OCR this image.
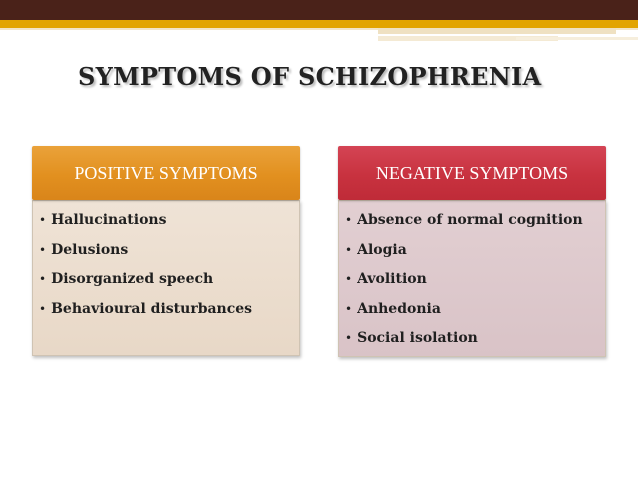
SYMPTOMS OF SCHIZOPHRENIA
POSITIVE SYMPTOMS
• Hallucinations
• Delusions
• Disorganized speech
• Behavioural disturbances
NEGATIVE SYMPTOMS
• Absence of normal cognition
• Alogia
• Avolition
• Anhedonia
• Social isolation
